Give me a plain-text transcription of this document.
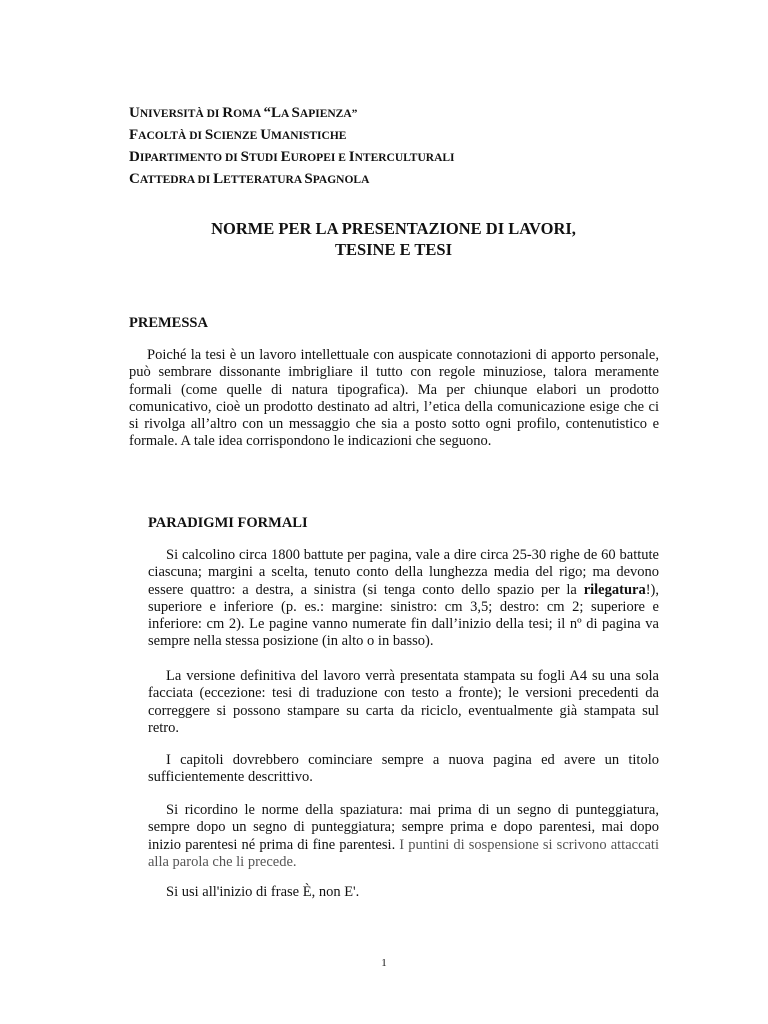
UNIVERSITÀ DI ROMA “LA SAPIENZA”
FACOLTÀ DI SCIENZE UMANISTICHE
DIPARTIMENTO DI STUDI EUROPEI E INTERCULTURALI
CATTEDRA DI LETTERATURA SPAGNOLA
NORME PER LA PRESENTAZIONE DI LAVORI,
TESINE E TESI
PREMESSA

Poiché la tesi è un lavoro intellettuale con auspicate connotazioni di apporto personale, può sembrare dissonante imbrigliare il tutto con regole minuziose, talora meramente formali (come quelle di natura tipografica). Ma per chiunque elabori un prodotto comunicativo, cioè un prodotto destinato ad altri, l’etica della comunicazione esige che ci si rivolga all’altro con un messaggio che sia a posto sotto ogni profilo, contenutistico e formale. A tale idea corrispondono le indicazioni che seguono.

PARADIGMI FORMALI

Si calcolino circa 1800 battute per pagina, vale a dire circa 25-30 righe de 60 battute ciascuna; margini a scelta, tenuto conto della lunghezza media del rigo; ma devono essere quattro: a destra, a sinistra (si tenga conto dello spazio per la rilegatura!), superiore e inferiore (p. es.: margine: sinistro: cm 3,5; destro: cm 2; superiore e inferiore: cm 2). Le pagine vanno numerate fin dall’inizio della tesi; il nº di pagina va sempre nella stessa posizione (in alto o in basso).

La versione definitiva del lavoro verrà presentata stampata su fogli A4 su una sola facciata (eccezione: tesi di traduzione con testo a fronte); le versioni precedenti da correggere si possono stampare su carta da riciclo, eventualmente già stampata sul retro.

I capitoli dovrebbero cominciare sempre a nuova pagina ed avere un titolo sufficientemente descrittivo.

Si ricordino le norme della spaziatura: mai prima di un segno di punteggiatura, sempre dopo un segno di punteggiatura; sempre prima e dopo parentesi, mai dopo inizio parentesi né prima di fine parentesi. I puntini di sospensione si scrivono attaccati alla parola che li precede.

Si usi all'inizio di frase È, non E'.

1
